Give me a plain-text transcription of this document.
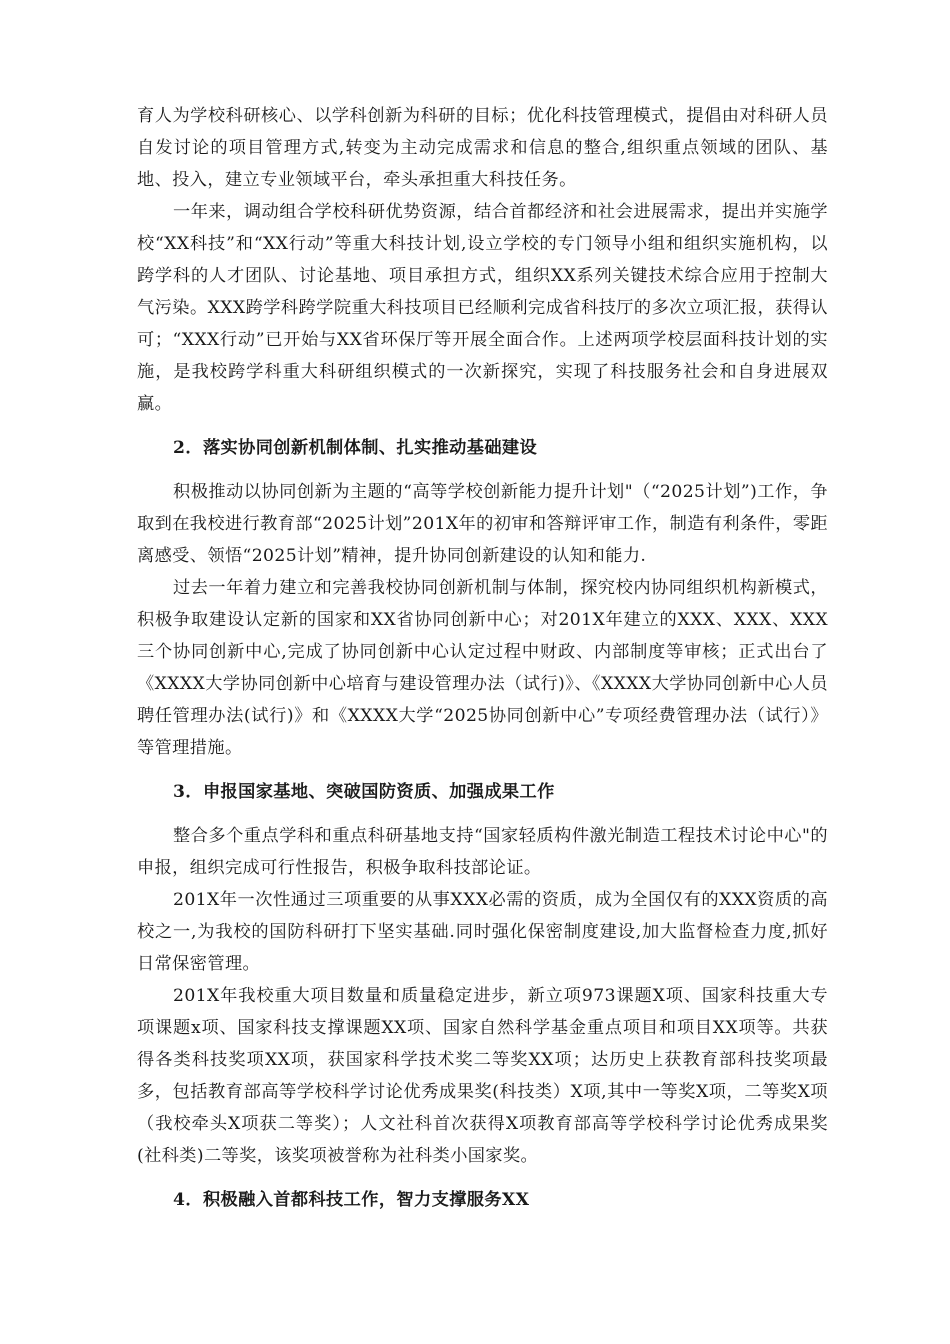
育人为学校科研核心、以学科创新为科研的目标；优化科技管理模式，提倡由对科研人员自发讨论的项目管理方式,转变为主动完成需求和信息的整合,组织重点领域的团队、基地、投入，建立专业领域平台，牵头承担重大科技任务。

一年来，调动组合学校科研优势资源，结合首都经济和社会进展需求，提出并实施学校“XX科技”和“XX行动”等重大科技计划,设立学校的专门领导小组和组织实施机构，以跨学科的人才团队、讨论基地、项目承担方式，组织XX系列关键技术综合应用于控制大气污染。XXX跨学科跨学院重大科技项目已经顺利完成省科技厅的多次立项汇报，获得认可；“XXX行动”已开始与XX省环保厅等开展全面合作。上述两项学校层面科技计划的实施，是我校跨学科重大科研组织模式的一次新探究，实现了科技服务社会和自身进展双赢。

2．落实协同创新机制体制、扎实推动基础建设

积极推动以协同创新为主题的“高等学校创新能力提升计划"（“2025计划”)工作，争取到在我校进行教育部“2025计划”201X年的初审和答辩评审工作，制造有利条件，零距离感受、领悟“2025计划”精神，提升协同创新建设的认知和能力.

过去一年着力建立和完善我校协同创新机制与体制，探究校内协同组织机构新模式，积极争取建设认定新的国家和XX省协同创新中心；对201X年建立的XXX、XXX、XXX三个协同创新中心,完成了协同创新中心认定过程中财政、内部制度等审核；正式出台了《XXXX大学协同创新中心培育与建设管理办法（试行)》、《XXXX大学协同创新中心人员聘任管理办法(试行)》和《XXXX大学“2025协同创新中心”专项经费管理办法（试行）》等管理措施。

3．申报国家基地、突破国防资质、加强成果工作

整合多个重点学科和重点科研基地支持“国家轻质构件激光制造工程技术讨论中心"的申报，组织完成可行性报告，积极争取科技部论证。

201X年一次性通过三项重要的从事XXX必需的资质，成为全国仅有的XXX资质的高校之一,为我校的国防科研打下坚实基础.同时强化保密制度建设,加大监督检查力度,抓好日常保密管理。

201X年我校重大项目数量和质量稳定进步，新立项973课题X项、国家科技重大专项课题x项、国家科技支撑课题XX项、国家自然科学基金重点项目和项目XX项等。共获得各类科技奖项XX项，获国家科学技术奖二等奖XX项；达历史上获教育部科技奖项最多，包括教育部高等学校科学讨论优秀成果奖(科技类）X项,其中一等奖X项，二等奖X项（我校牵头X项获二等奖）；人文社科首次获得X项教育部高等学校科学讨论优秀成果奖(社科类)二等奖，该奖项被誉称为社科类小国家奖。

4．积极融入首都科技工作，智力支撑服务XX
